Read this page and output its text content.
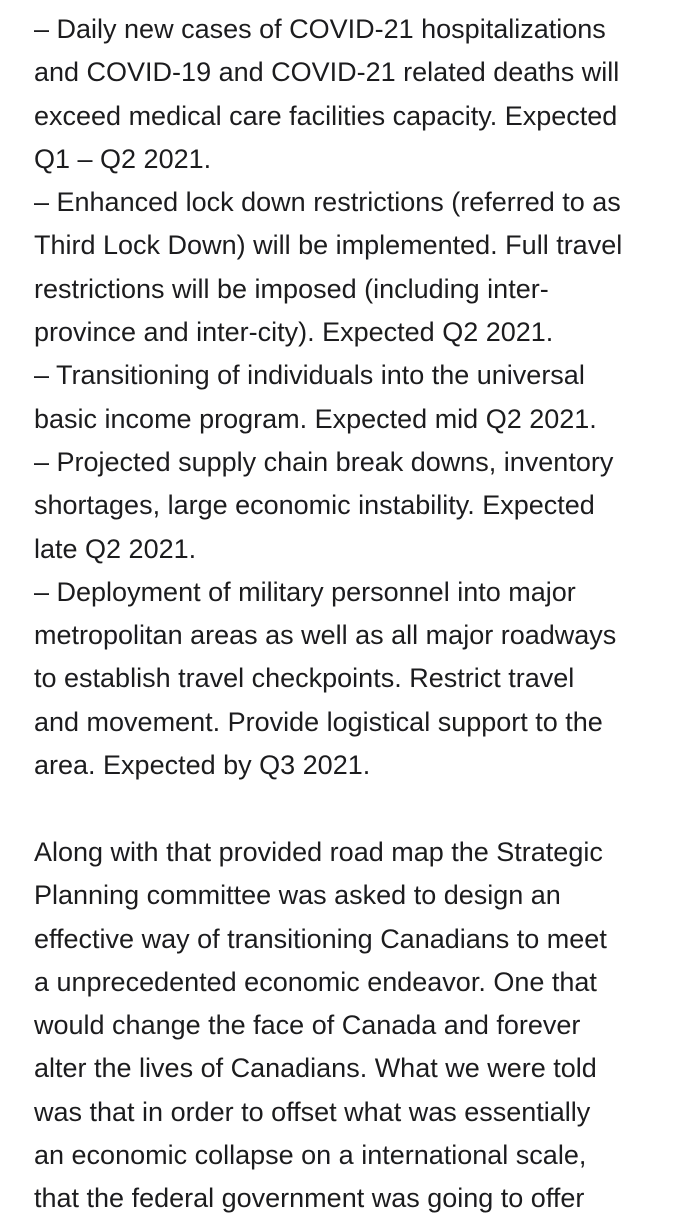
– Daily new cases of COVID-21 hospitalizations
and COVID-19 and COVID-21 related deaths will
exceed medical care facilities capacity. Expected
Q1 – Q2 2021.
– Enhanced lock down restrictions (referred to as
Third Lock Down) will be implemented. Full travel
restrictions will be imposed (including inter-
province and inter-city). Expected Q2 2021.
– Transitioning of individuals into the universal
basic income program. Expected mid Q2 2021.
– Projected supply chain break downs, inventory
shortages, large economic instability. Expected
late Q2 2021.
– Deployment of military personnel into major
metropolitan areas as well as all major roadways
to establish travel checkpoints. Restrict travel
and movement. Provide logistical support to the
area. Expected by Q3 2021.
Along with that provided road map the Strategic
Planning committee was asked to design an
effective way of transitioning Canadians to meet
a unprecedented economic endeavor. One that
would change the face of Canada and forever
alter the lives of Canadians. What we were told
was that in order to offset what was essentially
an economic collapse on a international scale,
that the federal government was going to offer
